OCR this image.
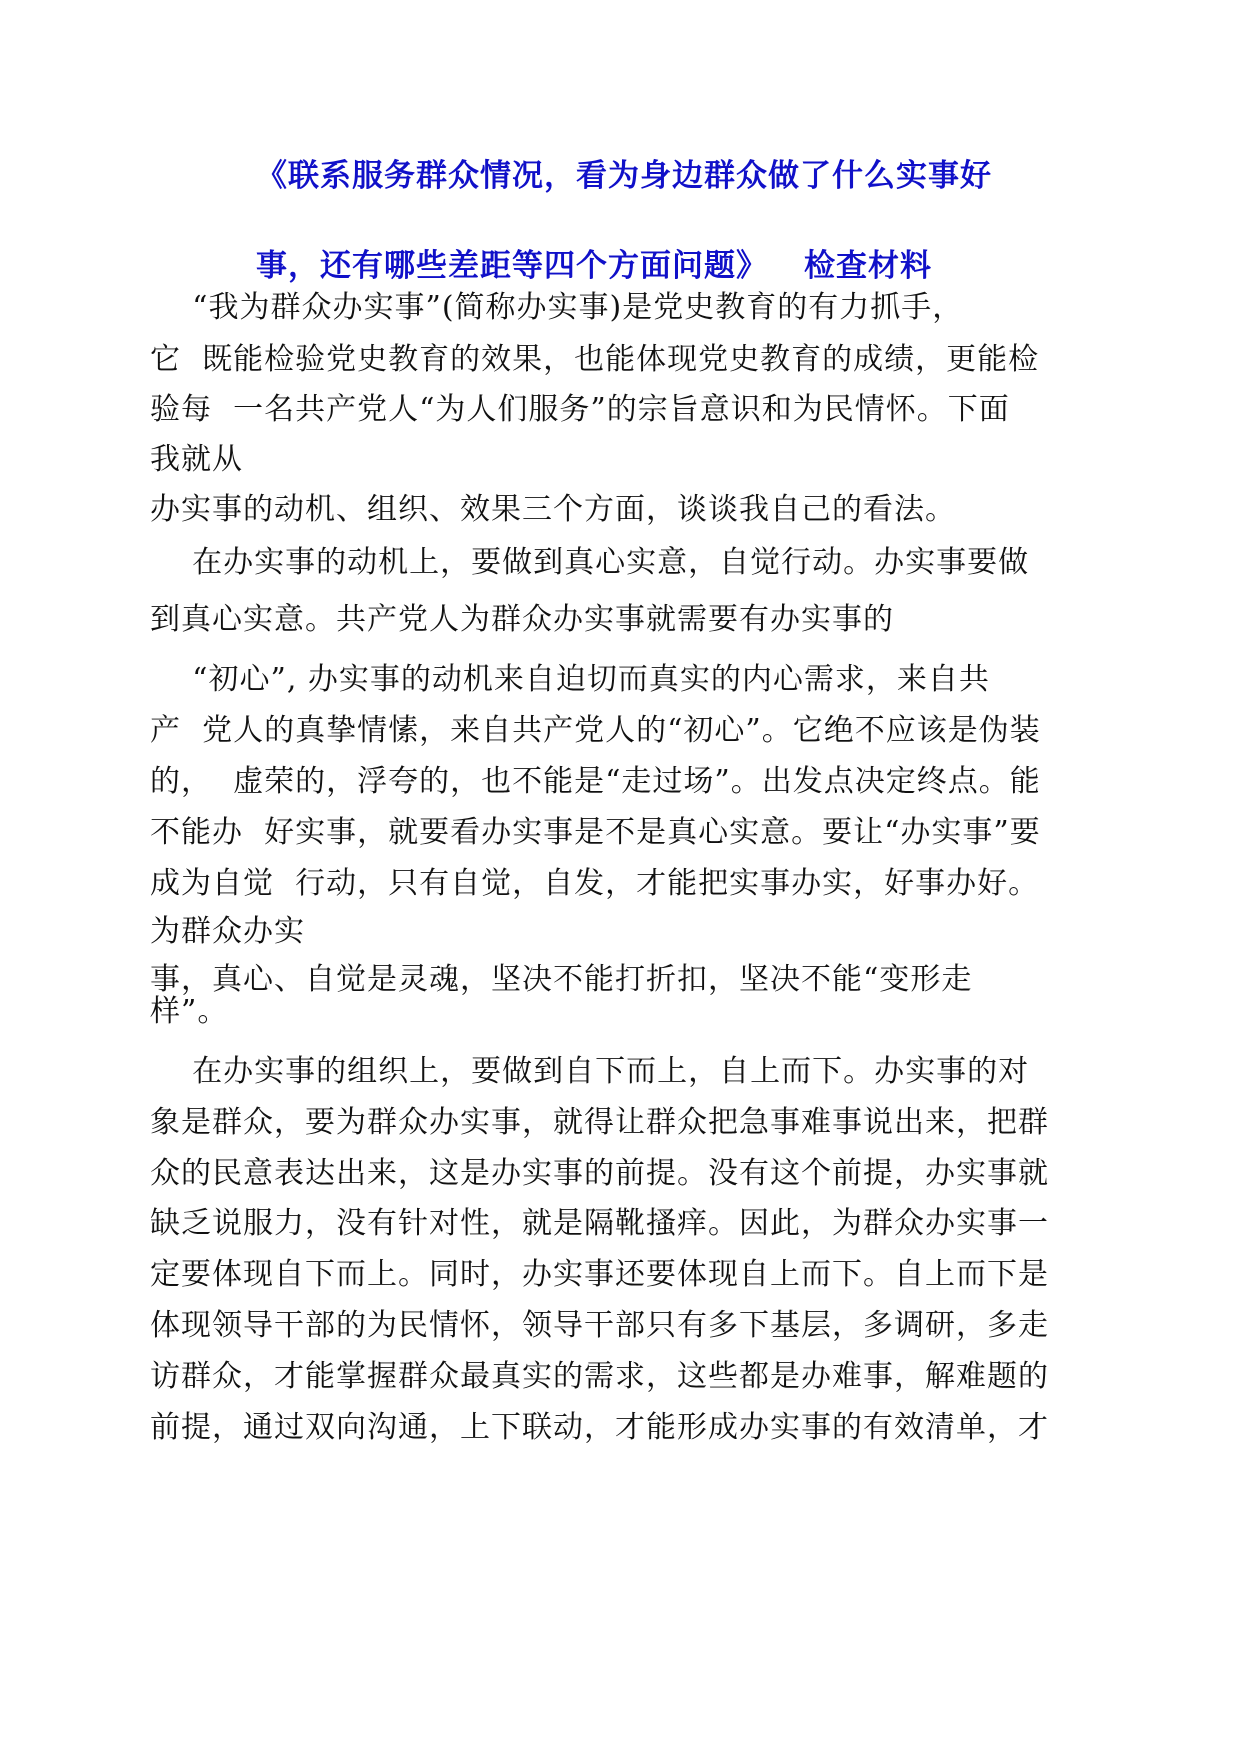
《联系服务群众情况，看为身边群众做了什么实事好
事，还有哪些差距等四个方面问题》 检查材料
“我为群众办实事”(简称办实事)是党史教育的有力抓手，
它  既能检验党史教育的效果，也能体现党史教育的成绩，更能检
验每  一名共产党人“为人们服务”的宗旨意识和为民情怀。下面
我就从
办实事的动机、组织、效果三个方面，谈谈我自己的看法。
在办实事的动机上，要做到真心实意，自觉行动。办实事要做
到真心实意。共产党人为群众办实事就需要有办实事的
“初心”, 办实事的动机来自迫切而真实的内心需求，来自共
产  党人的真挚情愫，来自共产党人的“初心”。它绝不应该是伪装
的，  虚荣的，浮夸的，也不能是“走过场”。出发点决定终点。能
不能办  好实事，就要看办实事是不是真心实意。要让“办实事”要
成为自觉  行动，只有自觉，自发，才能把实事办实，好事办好。
为群众办实
事，真心、自觉是灵魂，坚决不能打折扣，坚决不能“变形走
样”。
在办实事的组织上，要做到自下而上，自上而下。办实事的对
象是群众，要为群众办实事，就得让群众把急事难事说出来，把群
众的民意表达出来，这是办实事的前提。没有这个前提，办实事就
缺乏说服力，没有针对性，就是隔靴搔痒。因此，为群众办实事一
定要体现自下而上。同时，办实事还要体现自上而下。自上而下是
体现领导干部的为民情怀，领导干部只有多下基层，多调研，多走
访群众，才能掌握群众最真实的需求，这些都是办难事，解难题的
前提，通过双向沟通，上下联动，才能形成办实事的有效清单，才
